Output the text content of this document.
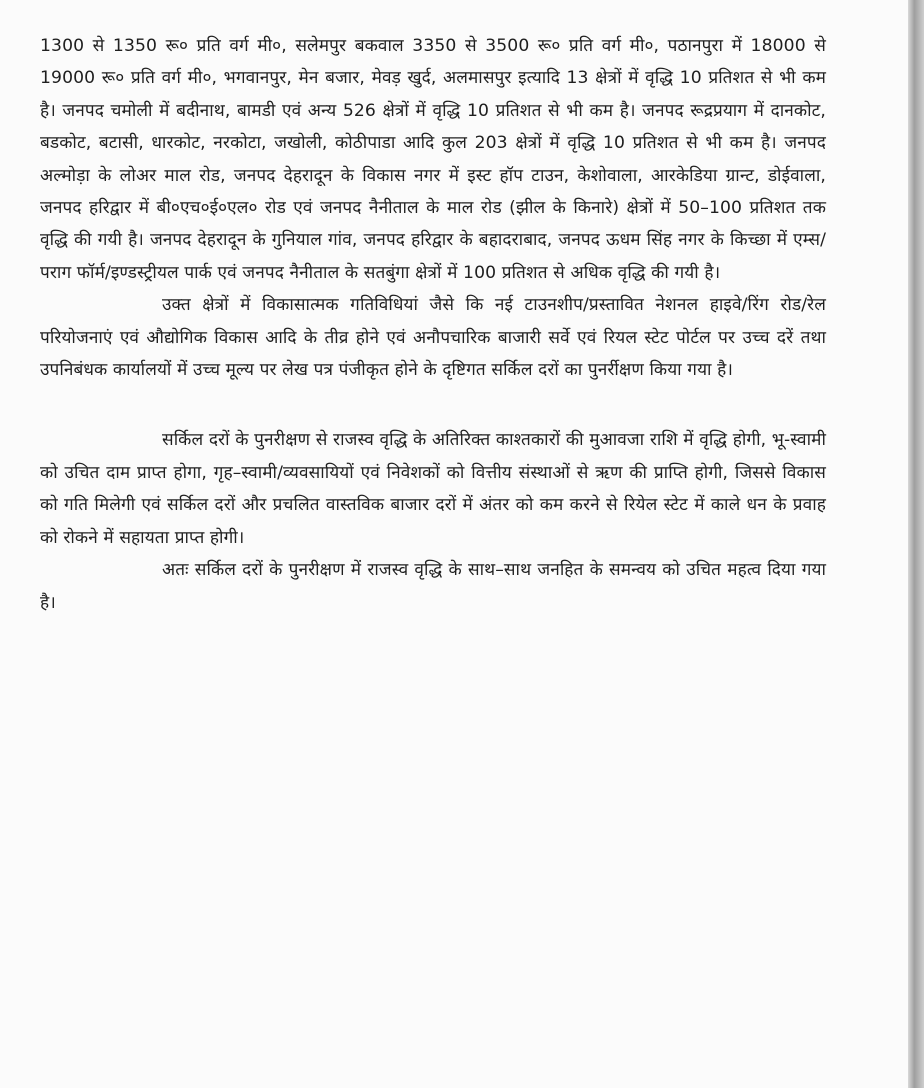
1300 से 1350 रू० प्रति वर्ग मी०, सलेमपुर बकवाल 3350 से 3500 रू० प्रति वर्ग मी०, पठानपुरा में 18000 से 19000 रू० प्रति वर्ग मी०, भगवानपुर, मेन बजार, मेवड़ खुर्द, अलमासपुर इत्यादि 13 क्षेत्रों में वृद्धि 10 प्रतिशत से भी कम है। जनपद चमोली में बदीनाथ, बामडी एवं अन्य 526 क्षेत्रों में वृद्धि 10 प्रतिशत से भी कम है। जनपद रूद्रप्रयाग में दानकोट, बडकोट, बटासी, धारकोट, नरकोटा, जखोली, कोठीपाडा आदि कुल 203 क्षेत्रों में वृद्धि 10 प्रतिशत से भी कम है। जनपद अल्मोड़ा के लोअर माल रोड, जनपद देहरादून के विकास नगर में इस्ट हॉप टाउन, केशोवाला, आरकेडिया ग्रान्ट, डोईवाला, जनपद हरिद्वार में बी०एच०ई०एल० रोड एवं जनपद नैनीताल के माल रोड (झील के किनारे) क्षेत्रों में 50–100 प्रतिशत तक वृद्धि की गयी है। जनपद देहरादून के गुनियाल गांव, जनपद हरिद्वार के बहादराबाद, जनपद ऊधम सिंह नगर के किच्छा में एम्स/पराग फॉर्म/इण्डस्ट्रीयल पार्क एवं जनपद नैनीताल के सतबुंगा क्षेत्रों में 100 प्रतिशत से अधिक वृद्धि की गयी है।

उक्त क्षेत्रों में विकासात्मक गतिविधियां जैसे कि नई टाउनशीप/प्रस्तावित नेशनल हाइवे/रिंग रोड/रेल परियोजनाएं एवं औद्योगिक विकास आदि के तीव्र होने एवं अनौपचारिक बाजारी सर्वे एवं रियल स्टेट पोर्टल पर उच्च दरें तथा उपनिबंधक कार्यालयों में उच्च मूल्य पर लेख पत्र पंजीकृत होने के दृष्टिगत सर्किल दरों का पुनर्रीक्षण किया गया है।

सर्किल दरों के पुनरीक्षण से राजस्व वृद्धि के अतिरिक्त काश्तकारों की मुआवजा राशि में वृद्धि होगी, भू-स्वामी को उचित दाम प्राप्त होगा, गृह–स्वामी/व्यवसायियों एवं निवेशकों को वित्तीय संस्थाओं से ऋण की प्राप्ति होगी, जिससे विकास को गति मिलेगी एवं सर्किल दरों और प्रचलित वास्तविक बाजार दरों में अंतर को कम करने से रियेल स्टेट में काले धन के प्रवाह को रोकने में सहायता प्राप्त होगी।

अतः सर्किल दरों के पुनरीक्षण में राजस्व वृद्धि के साथ–साथ जनहित के समन्वय को उचित महत्व दिया गया है।
